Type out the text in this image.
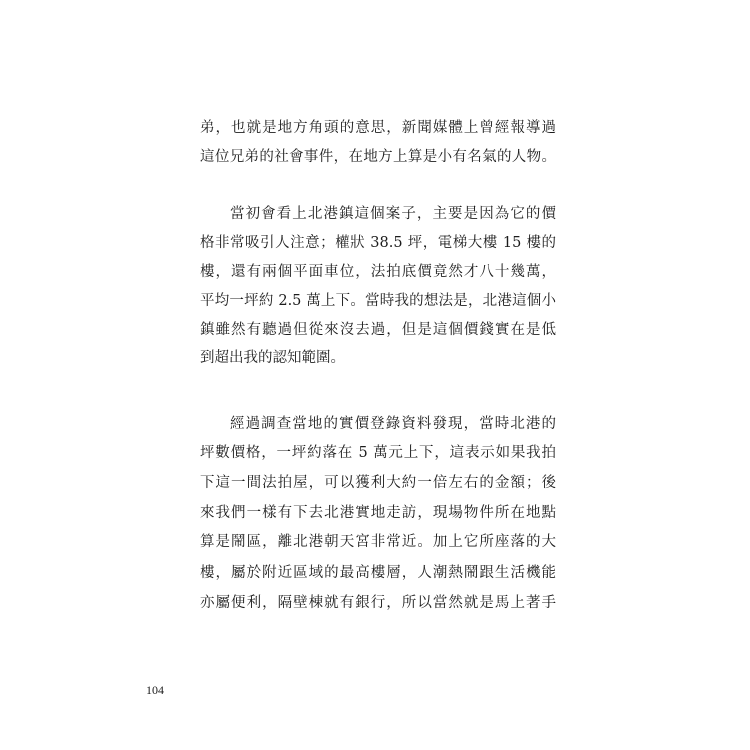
弟，也就是地方角頭的意思，新聞媒體上曾經報導過
這位兄弟的社會事件，在地方上算是小有名氣的人物。
當初會看上北港鎮這個案子，主要是因為它的價
格非常吸引人注意；權狀 38.5 坪，電梯大樓 15 樓的
樓，還有兩個平面車位，法拍底價竟然才八十幾萬，
平均一坪約 2.5 萬上下。當時我的想法是，北港這個小
鎮雖然有聽過但從來沒去過，但是這個價錢實在是低
到超出我的認知範圍。
經過調查當地的實價登錄資料發現，當時北港的
坪數價格，一坪約落在 5 萬元上下，這表示如果我拍
下這一間法拍屋，可以獲利大約一倍左右的金額；後
來我們一樣有下去北港實地走訪，現場物件所在地點
算是鬧區，離北港朝天宮非常近。加上它所座落的大
樓，屬於附近區域的最高樓層，人潮熱鬧跟生活機能
亦屬便利，隔壁棟就有銀行，所以當然就是馬上著手
104
